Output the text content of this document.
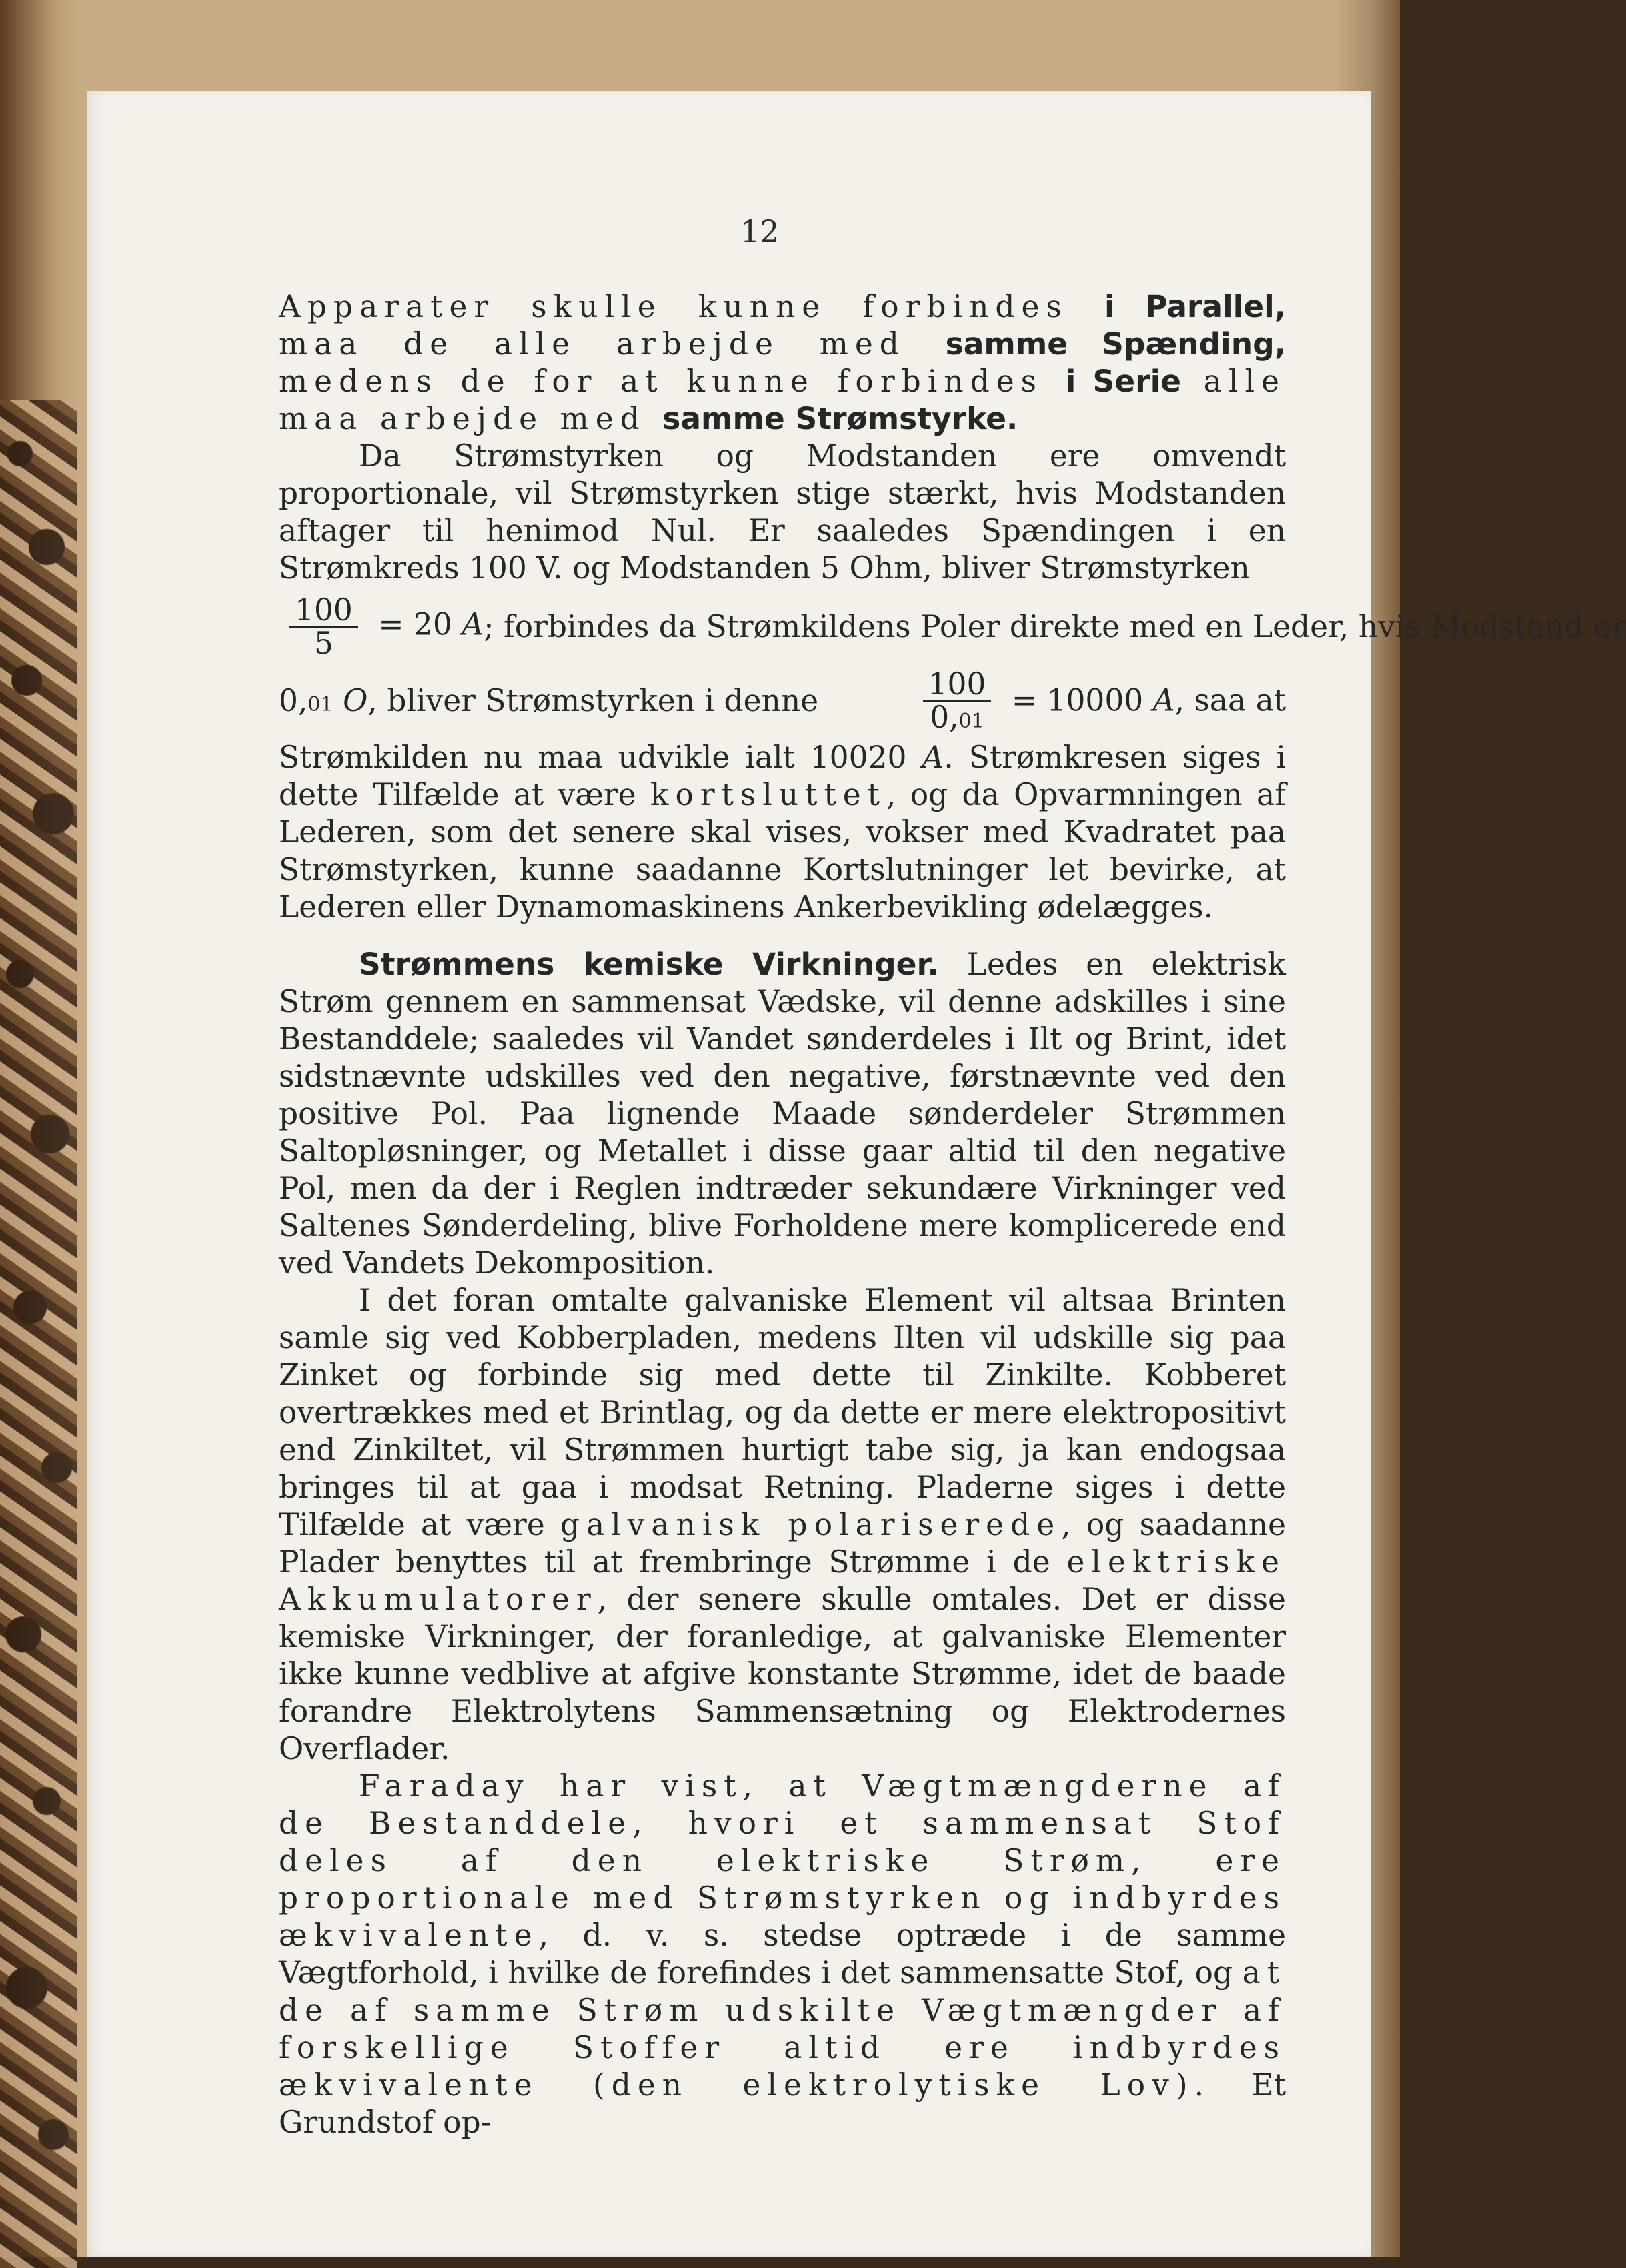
12

Apparater skulle kunne forbindes i Parallel, maa de alle arbejde med samme Spænding, medens de for at kunne forbindes i Serie alle maa arbejde med samme Strømstyrke.

Da Strømstyrken og Modstanden ere omvendt proportionale, vil Strømstyrken stige stærkt, hvis Modstanden aftager til henimod Nul. Er saaledes Spændingen i en Strømkreds 100 V. og Modstanden 5 Ohm, bliver Strømstyrken

$\frac{100}{5} = 20$ A ; forbindes da Strømkildens Poler direkte med en Leder, hvis Modstand er
0,01 O, bliver Strømstyrken i denne	$\frac{100}{0,01} = 10000$ A, saa at

Strømkilden nu maa udvikle ialt 10020 A. Strømkresen siges i dette Tilfælde at være kortsluttet, og da Opvarmningen af Lederen, som det senere skal vises, vokser med Kvadratet paa Strømstyrken, kunne saadanne Kortslutninger let bevirke, at Lederen eller Dynamomaskinens Ankerbevikling ødelægges.

Strømmens kemiske Virkninger. Ledes en elektrisk Strøm gennem en sammensat Vædske, vil denne adskilles i sine Bestanddele; saaledes vil Vandet sønderdeles i Ilt og Brint, idet sidstnævnte udskilles ved den negative, førstnævnte ved den positive Pol. Paa lignende Maade sønderdeler Strømmen Saltopløsninger, og Metallet i disse gaar altid til den negative Pol, men da der i Reglen indtræder sekundære Virkninger ved Saltenes Sønderdeling, blive Forholdene mere komplicerede end ved Vandets Dekomposition.

I det foran omtalte galvaniske Element vil altsaa Brinten samle sig ved Kobberpladen, medens Ilten vil udskille sig paa Zinket og forbinde sig med dette til Zinkilte. Kobberet overtrækkes med et Brintlag, og da dette er mere elektropositivt end Zinkiltet, vil Strømmen hurtigt tabe sig, ja kan endogsaa bringes til at gaa i modsat Retning. Pladerne siges i dette Tilfælde at være galvanisk polariserede, og saadanne Plader benyttes til at frembringe Strømme i de elektriske Akkumulatorer, der senere skulle omtales. Det er disse kemiske Virkninger, der foranledige, at galvaniske Elementer ikke kunne vedblive at afgive konstante Strømme, idet de baade forandre Elektrolytens Sammensætning og Elektrodernes Overflader.

Faraday har vist, at Vægtmængderne af de Bestanddele, hvori et sammensat Stof deles af den elektriske Strøm, ere proportionale med Strømstyrken og indbyrdes ækvivalente, d. v. s. stedse optræde i de samme Vægtforhold, i hvilke de forefindes i det sammensatte Stof, og at de af samme Strøm udskilte Vægtmængder af forskellige Stoffer altid ere indbyrdes ækvivalente (den elektrolytiske Lov). Et Grundstof op-
